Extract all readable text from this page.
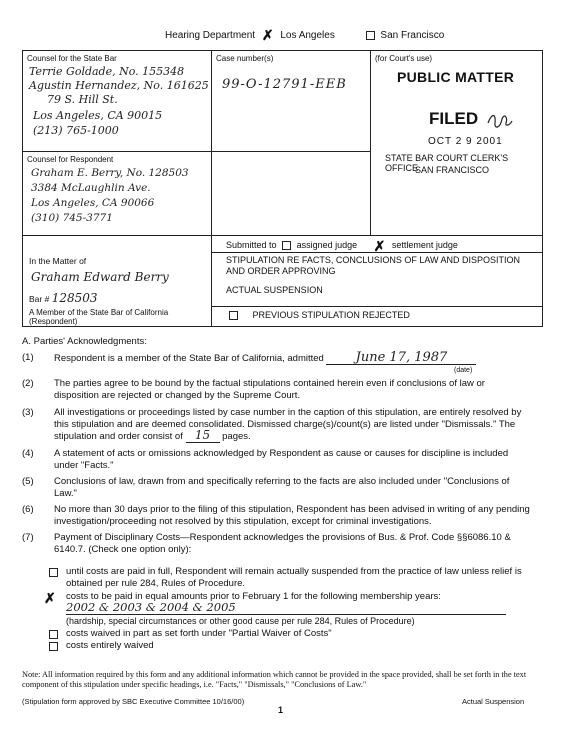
Hearing Department ✗ Los Angeles	San Francisco
Counsel for the State Bar
Terrie Goldade, No. 155348
Agustin Hernandez, No. 161625
79 S. Hill St.
Los Angeles, CA 90015
(213) 765-1000
Case number(s)
99-O-12791-EEB
(for Court's use)
PUBLIC MATTER
FILED
OCT 2 9 2001
STATE BAR COURT CLERK'S OFFICE
SAN FRANCISCO
Counsel for Respondent
Graham E. Berry, No. 128503
3384 McLaughlin Ave.
Los Angeles, CA 90066
(310) 745-3771
In the Matter of
Graham Edward Berry
Bar # 128503
A Member of the State Bar of California
(Respondent)
Submitted to assigned judge ✗ settlement judge
STIPULATION RE FACTS, CONCLUSIONS OF LAW AND DISPOSITION AND ORDER APPROVING
ACTUAL SUSPENSION
PREVIOUS STIPULATION REJECTED
A. Parties' Acknowledgments:
(1)	Respondent is a member of the State Bar of California, admitted June 17, 1987
(date)
(2)	The parties agree to be bound by the factual stipulations contained herein even if conclusions of law or disposition are rejected or changed by the Supreme Court.
(3)	All investigations or proceedings listed by case number in the caption of this stipulation, are entirely resolved by this stipulation and are deemed consolidated. Dismissed charge(s)/count(s) are listed under "Dismissals." The stipulation and order consist of 15 pages.
(4)	A statement of acts or omissions acknowledged by Respondent as cause or causes for discipline is included under "Facts."
(5)	Conclusions of law, drawn from and specifically referring to the facts are also included under "Conclusions of Law."
(6)	No more than 30 days prior to the filing of this stipulation, Respondent has been advised in writing of any pending investigation/proceeding not resolved by this stipulation, except for criminal investigations.
(7)	Payment of Disciplinary Costs—Respondent acknowledges the provisions of Bus. & Prof. Code §§6086.10 & 6140.7. (Check one option only):
until costs are paid in full, Respondent will remain actually suspended from the practice of law unless relief is obtained per rule 284, Rules of Procedure.
✗ costs to be paid in equal amounts prior to February 1 for the following membership years:
2002 & 2003 & 2004 & 2005
(hardship, special circumstances or other good cause per rule 284, Rules of Procedure)
costs waived in part as set forth under "Partial Waiver of Costs"
costs entirely waived
Note: All information required by this form and any additional information which cannot be provided in the space provided, shall be set forth in the text component of this stipulation under specific headings, i.e. "Facts," "Dismissals," "Conclusions of Law."
(Stipulation form approved by SBC Executive Committee 10/16/00)	Actual Suspension
1
